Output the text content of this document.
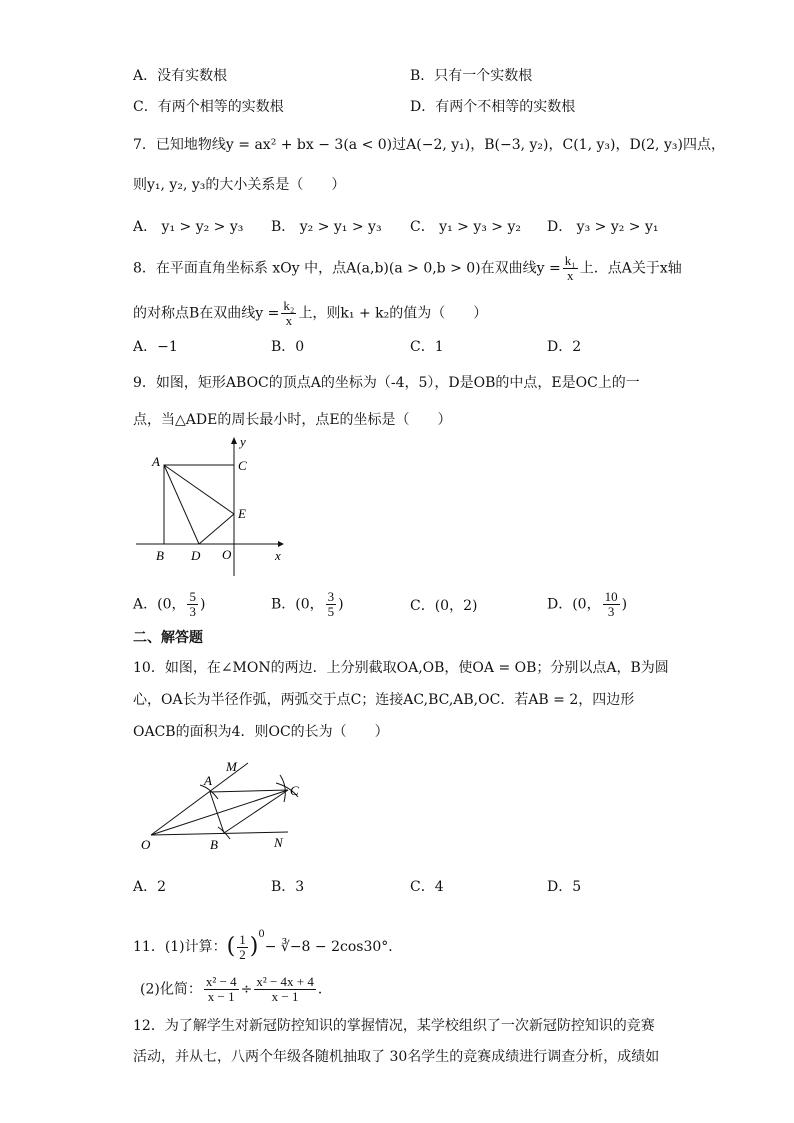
A．没有实数根	B．只有一个实数根
C．有两个相等的实数根	D．有两个不相等的实数根
7．已知地物线y = ax² + bx − 3(a < 0)过A(−2, y₁)，B(−3, y₂)，C(1, y₃)，D(2, y₃)四点，
则y₁, y₂, y₃的大小关系是（　　）
A． y₁ > y₂ > y₃ B． y₂ > y₁ > y₃ C． y₁ > y₃ > y₂ D． y₃ > y₂ > y₁
8．在平面直角坐标系 xOy 中，点A(a,b)(a > 0,b > 0)在双曲线$y = \frac{\text{k₁}}{x}$ 上．点A关于x轴
的对称点B在双曲线$y = \frac{\text{k₂}}{x}$ 上，则k₁ + k₂的值为（　　）
A．−1	B．0	C．1	D．2
9．如图，矩形ABOC的顶点A的坐标为（-4，5），D是OB的中点，E是OC上的一
点，当△ADE的周长最小时，点E的坐标是（　　）
A	C
E
B D O	x
y
A．(0， $\frac{5}{3}$ )	B．(0， $\frac{3}{5}$ )	C．(0，2)	D．(0， $\frac{10}{3}$ )
二、解答题
10．如图，在∠MON的两边．上分别截取OA,OB，使OA = OB；分别以点A，B为圆
心，OA长为半径作弧，两弧交于点C；连接AC,BC,AB,OC．若AB = 2，四边形
OACB的面积为4．则OC的长为（　　）
M
A
C
O	B	N
A．2	B．3	C．4	D．5
11．(1)计算：( $\frac{1}{2} )^0-$ ∛−8 − 2cos30°．
(2)化简： $\frac{\text{x² − 4}}{x - 1} \div \frac{\text{x² − 4x + 4}}{x - 1}$ ．
12．为了解学生对新冠防控知识的掌握情况，某学校组织了一次新冠防控知识的竞赛
活动，并从七，八两个年级各随机抽取了 30名学生的竞赛成绩进行调查分析，成绩如
